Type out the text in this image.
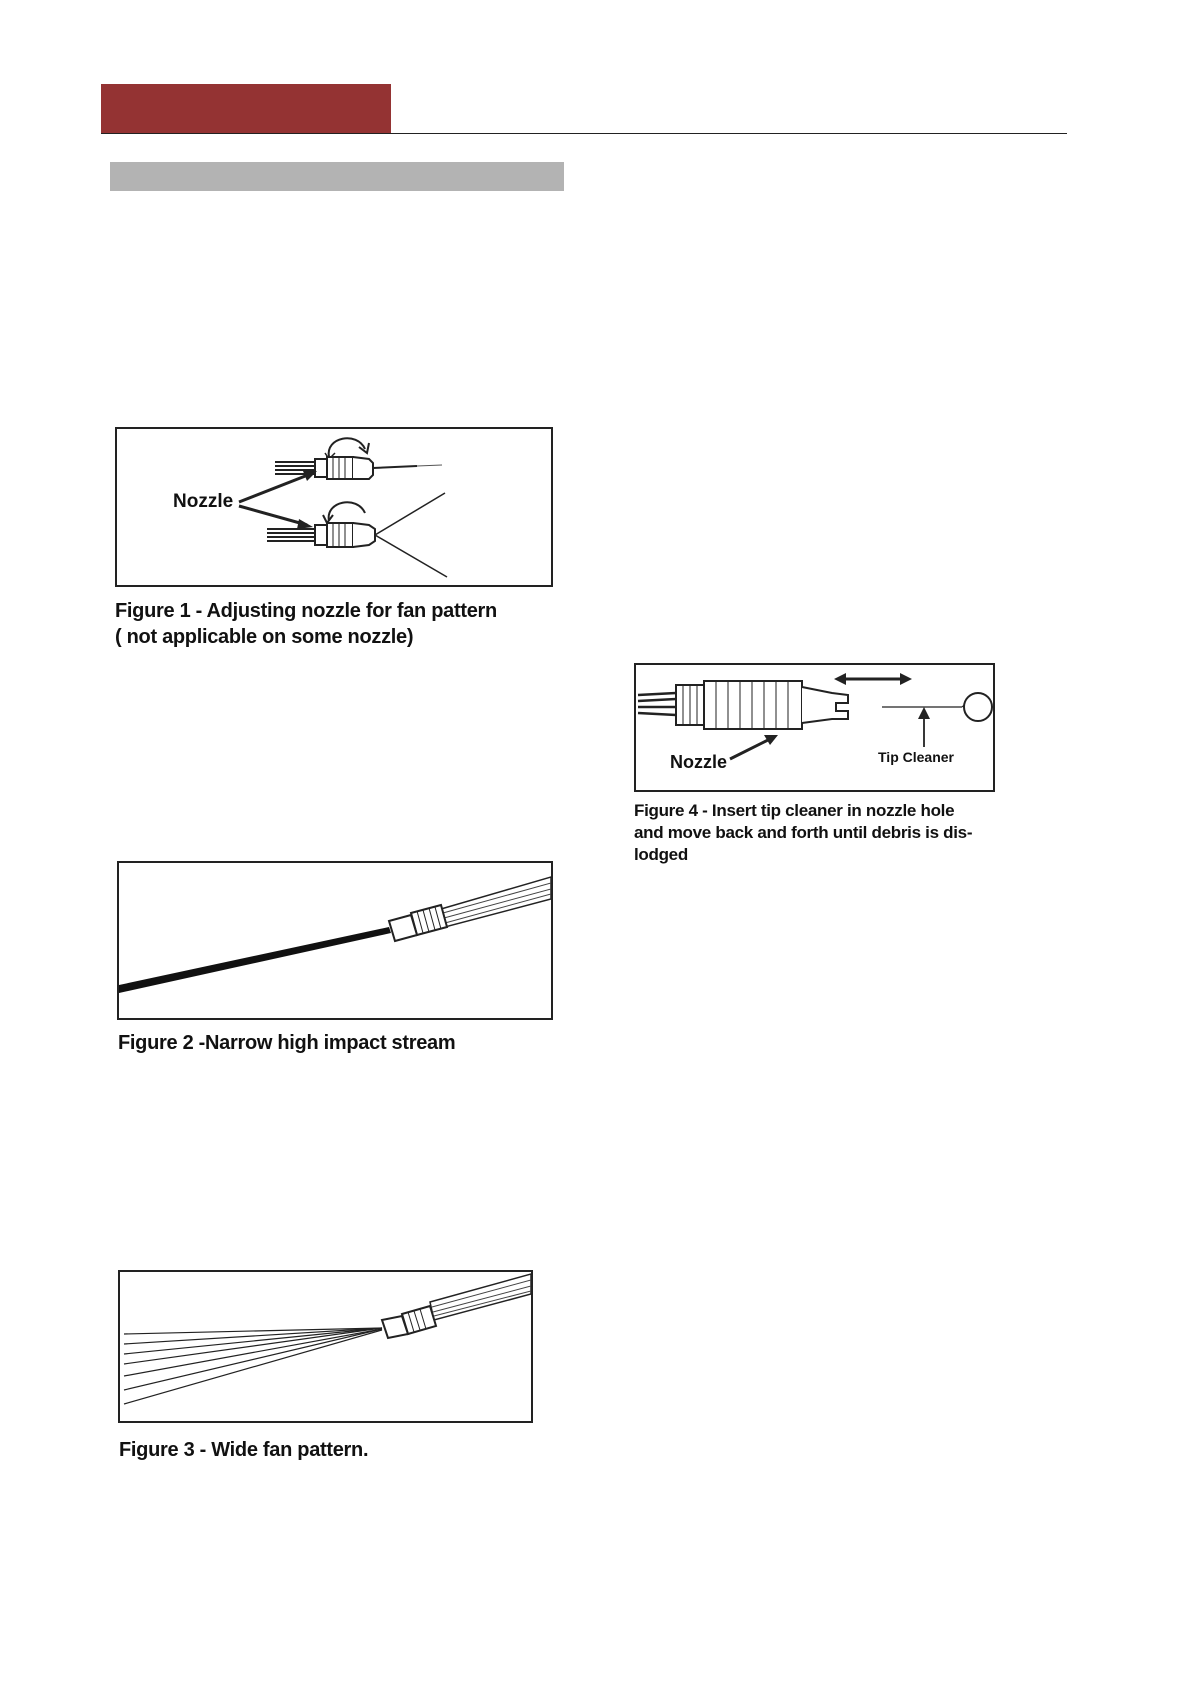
Nozzle
Figure 1 - Adjusting nozzle for fan pattern
( not applicable on some nozzle)
Figure 2 -Narrow high impact stream
Figure 3 - Wide fan pattern.
Nozzle	Tip Cleaner
Figure 4 - Insert tip cleaner in nozzle hole
and move back and forth until debris is dis-
lodged
